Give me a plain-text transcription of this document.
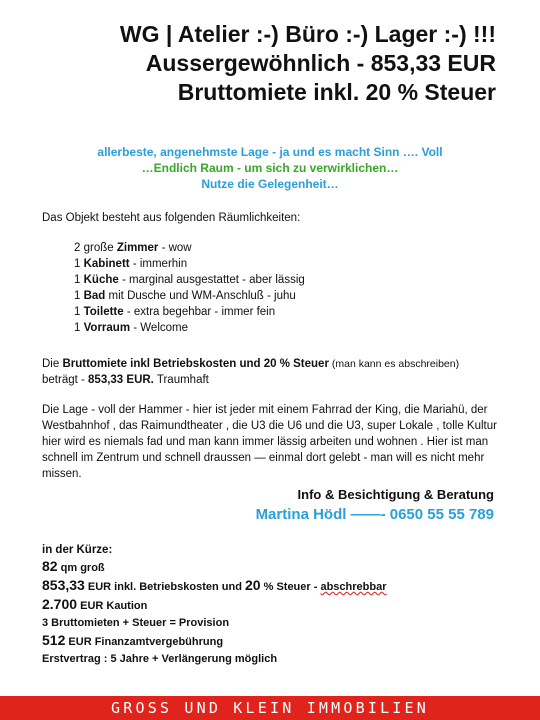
WG | Atelier :-) Büro :-) Lager :-) !!!
Aussergewöhnlich - 853,33 EUR
Bruttomiete inkl. 20 % Steuer
allerbeste, angenehmste Lage - ja und es macht Sinn …. Voll
…Endlich Raum - um sich zu verwirklichen…
Nutze die Gelegenheit…
Das Objekt besteht aus folgenden Räumlichkeiten:
2 große Zimmer - wow
1 Kabinett - immerhin
1 Küche - marginal ausgestattet - aber lässig
1 Bad mit Dusche und WM-Anschluß - juhu
1 Toilette - extra begehbar - immer fein
1 Vorraum - Welcome
Die Bruttomiete inkl Betriebskosten und 20 % Steuer (man kann es abschreiben)
beträgt - 853,33 EUR. Traumhaft
Die Lage - voll der Hammer - hier ist jeder mit einem Fahrrad der King, die Mariahü, der Westbahnhof , das Raimundtheater , die U3 die U6 und die U3, super Lokale , tolle Kultur hier wird es niemals fad und man kann immer lässig arbeiten und wohnen . Hier ist man schnell im Zentrum und schnell draussen — einmal dort gelebt - man will es nicht mehr missen.
Info & Besichtigung & Beratung
Martina Hödl ——- 0650 55 55 789
in der Kürze:
82 qm groß
853,33 EUR inkl. Betriebskosten und 20 % Steuer - abschrebbar
2.700 EUR Kaution
3 Bruttomieten + Steuer = Provision
512 EUR Finanzamtvergebührung
Erstvertrag : 5 Jahre + Verlängerung möglich
GROSS UND KLEIN IMMOBILIEN
